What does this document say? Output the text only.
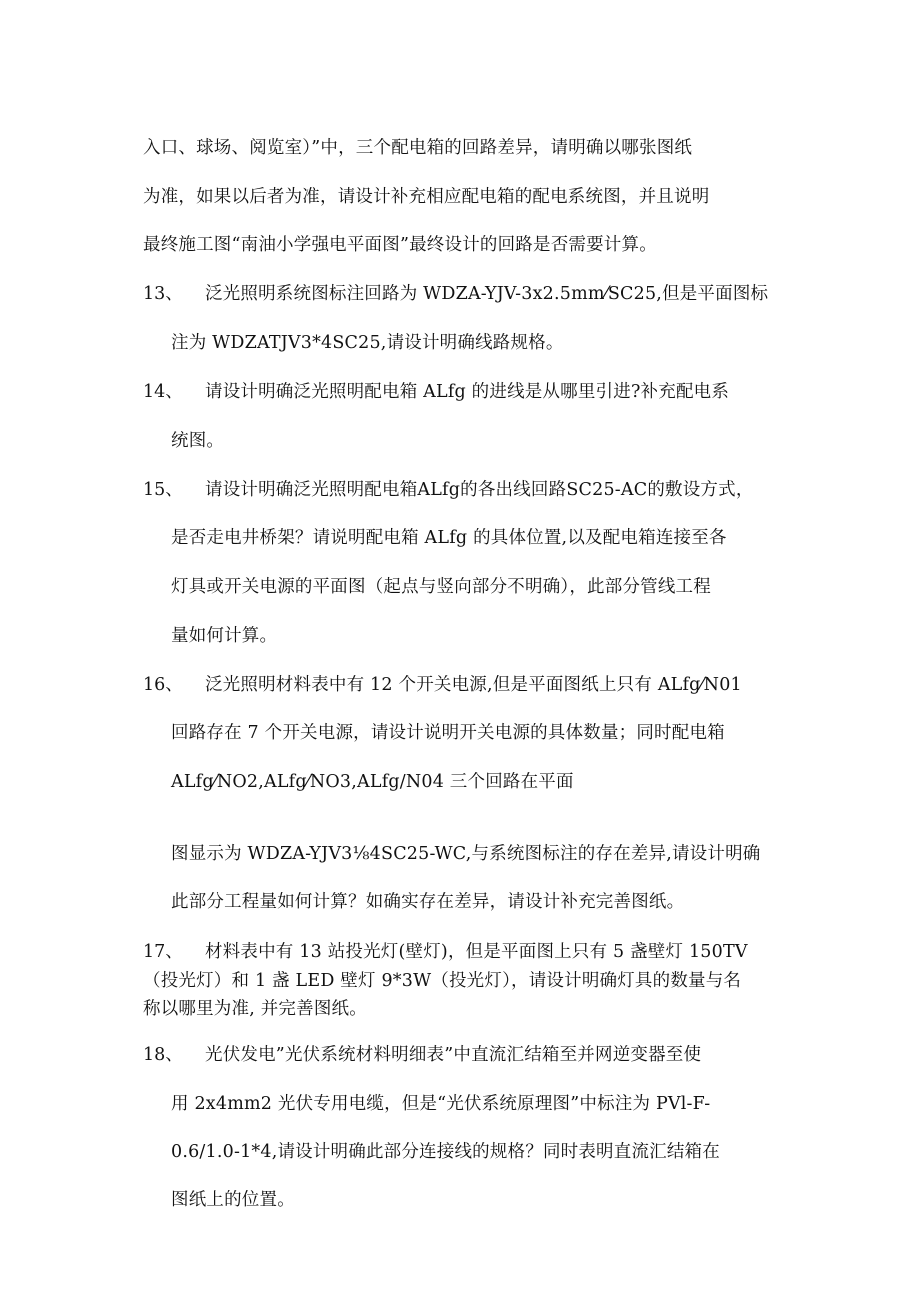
入口、球场、阅览室）”中，三个配电箱的回路差异，请明确以哪张图纸
为准，如果以后者为准，请设计补充相应配电箱的配电系统图，并且说明
最终施工图“南油小学强电平面图”最终设计的回路是否需要计算。
13、 泛光照明系统图标注回路为 WDZA-YJV-3x2.5mm⁄SC25,但是平面图标
注为 WDZATJV3*4SC25,请设计明确线路规格。
14、 请设计明确泛光照明配电箱 ALfg 的进线是从哪里引进?补充配电系
统图。
15、 请设计明确泛光照明配电箱ALfg的各出线回路SC25-AC的敷设方式，
是否走电井桥架？请说明配电箱 ALfg 的具体位置,以及配电箱连接至各
灯具或开关电源的平面图（起点与竖向部分不明确），此部分管线工程
量如何计算。
16、 泛光照明材料表中有 12 个开关电源,但是平面图纸上只有 ALfg⁄N01
回路存在 7 个开关电源，请设计说明开关电源的具体数量；同时配电箱
ALfg⁄NO2,ALfg⁄NO3,ALfg/N04 三个回路在平面
图显示为 WDZA-YJV3⅛4SC25-WC,与系统图标注的存在差异,请设计明确
此部分工程量如何计算？如确实存在差异，请设计补充完善图纸。
17、 材料表中有 13 站投光灯(壁灯)，但是平面图上只有 5 盏壁灯 150TV
（投光灯）和 1 盏 LED 壁灯 9*3W（投光灯），请设计明确灯具的数量与名
称以哪里为准, 并完善图纸。
18、 光伏发电”光伏系统材料明细表”中直流汇结箱至并网逆变器至使
用 2x4mm2 光伏专用电缆，但是“光伏系统原理图”中标注为 PVl-F-
0.6/1.0-1*4,请设计明确此部分连接线的规格？同时表明直流汇结箱在
图纸上的位置。
